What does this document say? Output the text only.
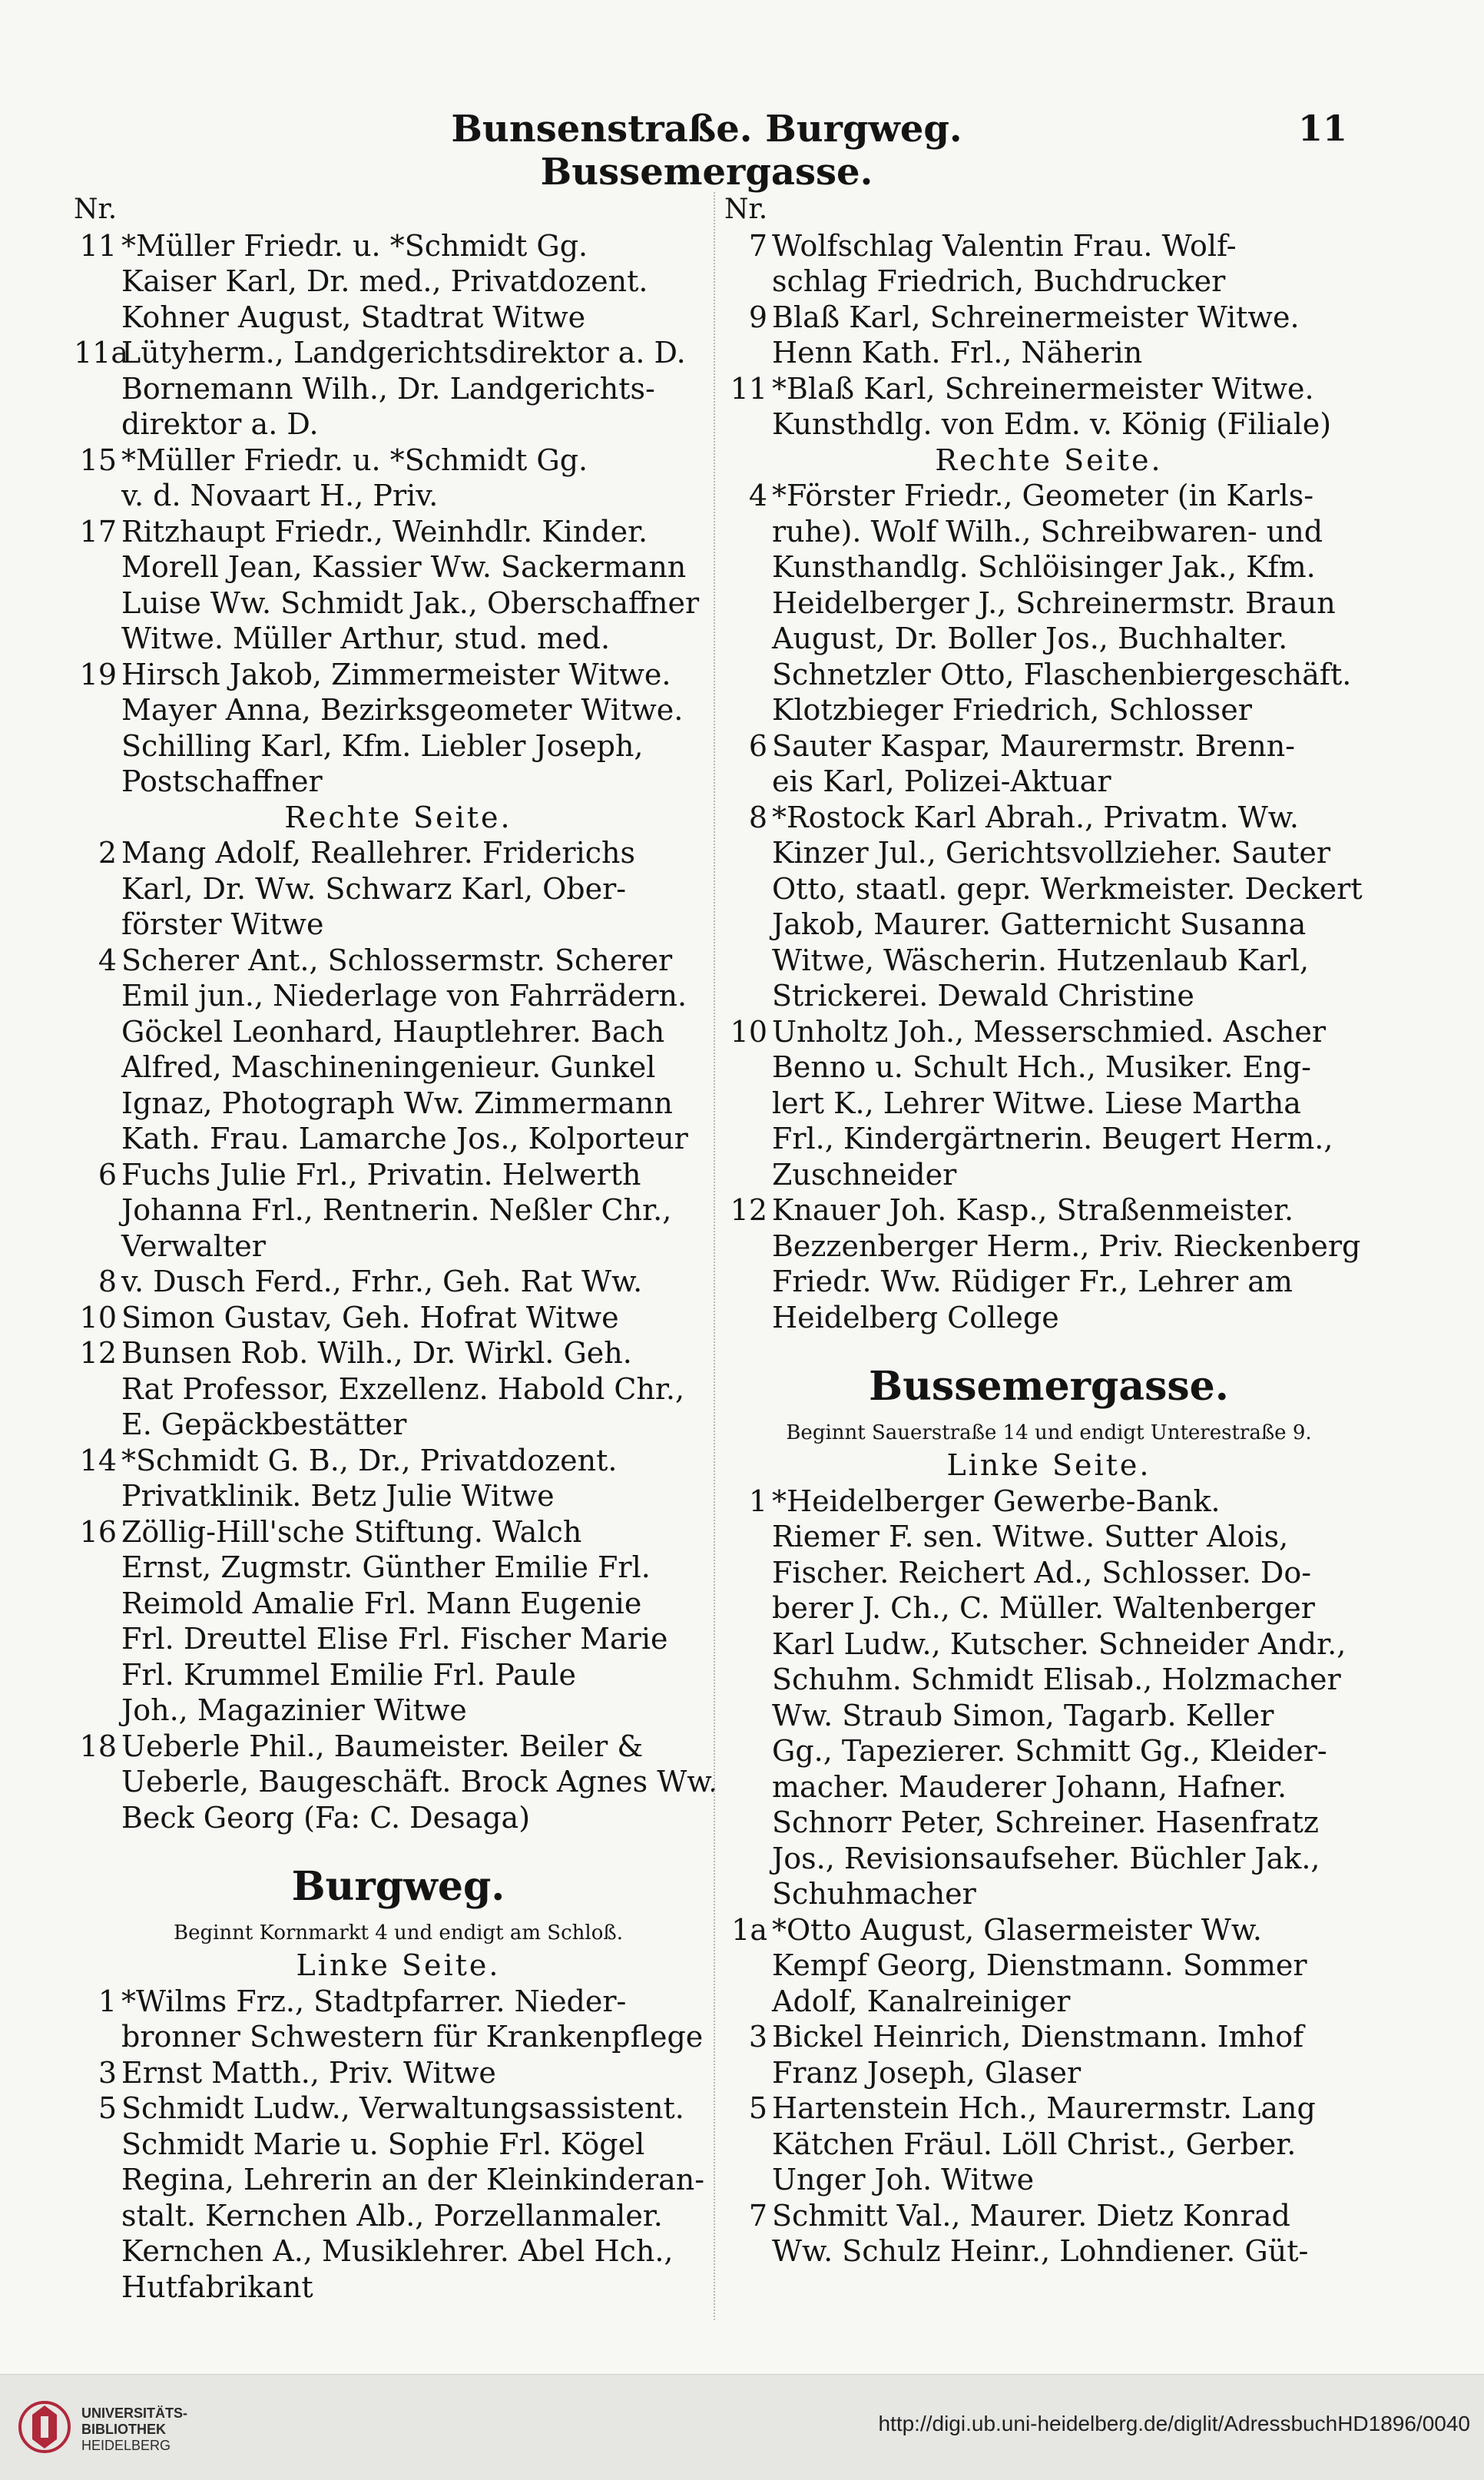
Bunsenstraße. Burgweg. Bussemergasse.
11
Nr.
11 *Müller Friedr. u. *Schmidt Gg.
Kaiser Karl, Dr. med., Privatdozent.
Kohner August, Stadtrat Witwe
11a
Lütyherm., Landgerichtsdirektor a. D.
Bornemann Wilh., Dr. Landgerichts-
direktor a. D.
15 *Müller Friedr. u. *Schmidt Gg.
v. d. Novaart H., Priv.
17 Ritzhaupt Friedr., Weinhdlr. Kinder.
Morell Jean, Kassier Ww. Sackermann
Luise Ww. Schmidt Jak., Oberschaffner
Witwe. Müller Arthur, stud. med.
19 Hirsch Jakob, Zimmermeister Witwe.
Mayer Anna, Bezirksgeometer Witwe.
Schilling Karl, Kfm. Liebler Joseph,
Postschaffner
Rechte Seite.
2 Mang Adolf, Reallehrer. Friderichs
Karl, Dr. Ww. Schwarz Karl, Ober-
förster Witwe
4 Scherer Ant., Schlossermstr. Scherer
Emil jun., Niederlage von Fahrrädern.
Göckel Leonhard, Hauptlehrer. Bach
Alfred, Maschineningenieur. Gunkel
Ignaz, Photograph Ww. Zimmermann
Kath. Frau. Lamarche Jos., Kolporteur
6 Fuchs Julie Frl., Privatin. Helwerth
Johanna Frl., Rentnerin. Neßler Chr.,
Verwalter
8 v. Dusch Ferd., Frhr., Geh. Rat Ww.
10 Simon Gustav, Geh. Hofrat Witwe
12 Bunsen Rob. Wilh., Dr. Wirkl. Geh.
Rat Professor, Exzellenz. Habold Chr.,
E. Gepäckbestätter
14 *Schmidt G. B., Dr., Privatdozent.
Privatklinik. Betz Julie Witwe
16 Zöllig-Hill'sche Stiftung. Walch
Ernst, Zugmstr. Günther Emilie Frl.
Reimold Amalie Frl. Mann Eugenie
Frl. Dreuttel Elise Frl. Fischer Marie
Frl. Krummel Emilie Frl. Paule
Joh., Magazinier Witwe
18 Ueberle Phil., Baumeister. Beiler &
Ueberle, Baugeschäft. Brock Agnes Ww.
Beck Georg (Fa: C. Desaga)
Burgweg.
Beginnt Kornmarkt 4 und endigt am Schloß.
Linke Seite.
1 *Wilms Frz., Stadtpfarrer. Nieder-
bronner Schwestern für Krankenpflege
3 Ernst Matth., Priv. Witwe
5 Schmidt Ludw., Verwaltungsassistent.
Schmidt Marie u. Sophie Frl. Kögel
Regina, Lehrerin an der Kleinkinderan-
stalt. Kernchen Alb., Porzellanmaler.
Kernchen A., Musiklehrer. Abel Hch.,
Hutfabrikant
Nr.
7 Wolfschlag Valentin Frau. Wolf-
schlag Friedrich, Buchdrucker
9 Blaß Karl, Schreinermeister Witwe.
Henn Kath. Frl., Näherin
11 *Blaß Karl, Schreinermeister Witwe.
Kunsthdlg. von Edm. v. König (Filiale)
Rechte Seite.
4 *Förster Friedr., Geometer (in Karls-
ruhe). Wolf Wilh., Schreibwaren- und
Kunsthandlg. Schlöisinger Jak., Kfm.
Heidelberger J., Schreinermstr. Braun
August, Dr. Boller Jos., Buchhalter.
Schnetzler Otto, Flaschenbiergeschäft.
Klotzbieger Friedrich, Schlosser
6 Sauter Kaspar, Maurermstr. Brenn-
eis Karl, Polizei-Aktuar
8 *Rostock Karl Abrah., Privatm. Ww.
Kinzer Jul., Gerichtsvollzieher. Sauter
Otto, staatl. gepr. Werkmeister. Deckert
Jakob, Maurer. Gatternicht Susanna
Witwe, Wäscherin. Hutzenlaub Karl,
Strickerei. Dewald Christine
10 Unholtz Joh., Messerschmied. Ascher
Benno u. Schult Hch., Musiker. Eng-
lert K., Lehrer Witwe. Liese Martha
Frl., Kindergärtnerin. Beugert Herm.,
Zuschneider
12 Knauer Joh. Kasp., Straßenmeister.
Bezzenberger Herm., Priv. Rieckenberg
Friedr. Ww. Rüdiger Fr., Lehrer am
Heidelberg College
Bussemergasse.
Beginnt Sauerstraße 14 und endigt Unterestraße 9.
Linke Seite.
1 *Heidelberger Gewerbe-Bank.
Riemer F. sen. Witwe. Sutter Alois,
Fischer. Reichert Ad., Schlosser. Do-
berer J. Ch., C. Müller. Waltenberger
Karl Ludw., Kutscher. Schneider Andr.,
Schuhm. Schmidt Elisab., Holzmacher
Ww. Straub Simon, Tagarb. Keller
Gg., Tapezierer. Schmitt Gg., Kleider-
macher. Mauderer Johann, Hafner.
Schnorr Peter, Schreiner. Hasenfratz
Jos., Revisionsaufseher. Büchler Jak.,
Schuhmacher
1a *Otto August, Glasermeister Ww.
Kempf Georg, Dienstmann. Sommer
Adolf, Kanalreiniger
3 Bickel Heinrich, Dienstmann. Imhof
Franz Joseph, Glaser
5 Hartenstein Hch., Maurermstr. Lang
Kätchen Fräul. Löll Christ., Gerber.
Unger Joh. Witwe
7 Schmitt Val., Maurer. Dietz Konrad
Ww. Schulz Heinr., Lohndiener. Güt-
UNIVERSITÄTS-
BIBLIOTHEK
HEIDELBERG
http://digi.ub.uni-heidelberg.de/diglit/AdressbuchHD1896/0040
